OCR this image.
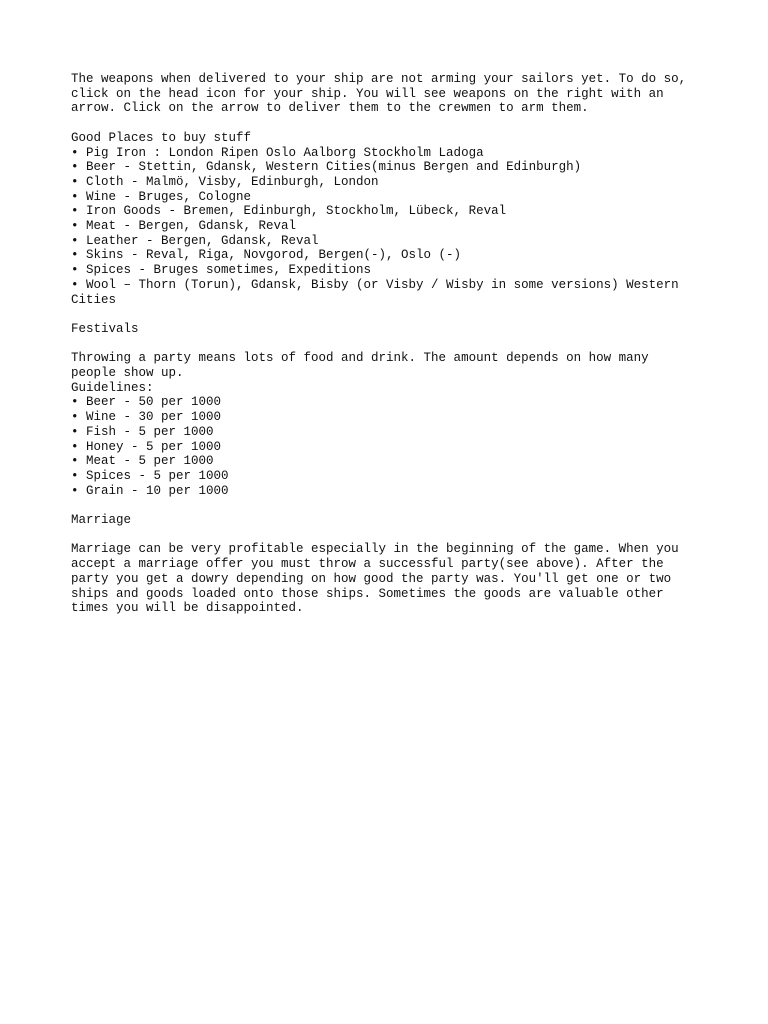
The weapons when delivered to your ship are not arming your sailors yet. To do so,
click on the head icon for your ship. You will see weapons on the right with an
arrow. Click on the arrow to deliver them to the crewmen to arm them.
Good Places to buy stuff
• Pig Iron : London Ripen Oslo Aalborg Stockholm Ladoga
• Beer - Stettin, Gdansk, Western Cities(minus Bergen and Edinburgh)
• Cloth - Malmö, Visby, Edinburgh, London
• Wine - Bruges, Cologne
• Iron Goods - Bremen, Edinburgh, Stockholm, Lübeck, Reval
• Meat - Bergen, Gdansk, Reval
• Leather - Bergen, Gdansk, Reval
• Skins - Reval, Riga, Novgorod, Bergen(-), Oslo (-)
• Spices - Bruges sometimes, Expeditions
• Wool – Thorn (Torun), Gdansk, Bisby (or Visby / Wisby in some versions) Western
Cities
Festivals
Throwing a party means lots of food and drink. The amount depends on how many
people show up.
Guidelines:
• Beer - 50 per 1000
• Wine - 30 per 1000
• Fish - 5 per 1000
• Honey - 5 per 1000
• Meat - 5 per 1000
• Spices - 5 per 1000
• Grain - 10 per 1000
Marriage
Marriage can be very profitable especially in the beginning of the game. When you
accept a marriage offer you must throw a successful party(see above). After the
party you get a dowry depending on how good the party was. You'll get one or two
ships and goods loaded onto those ships. Sometimes the goods are valuable other
times you will be disappointed.
